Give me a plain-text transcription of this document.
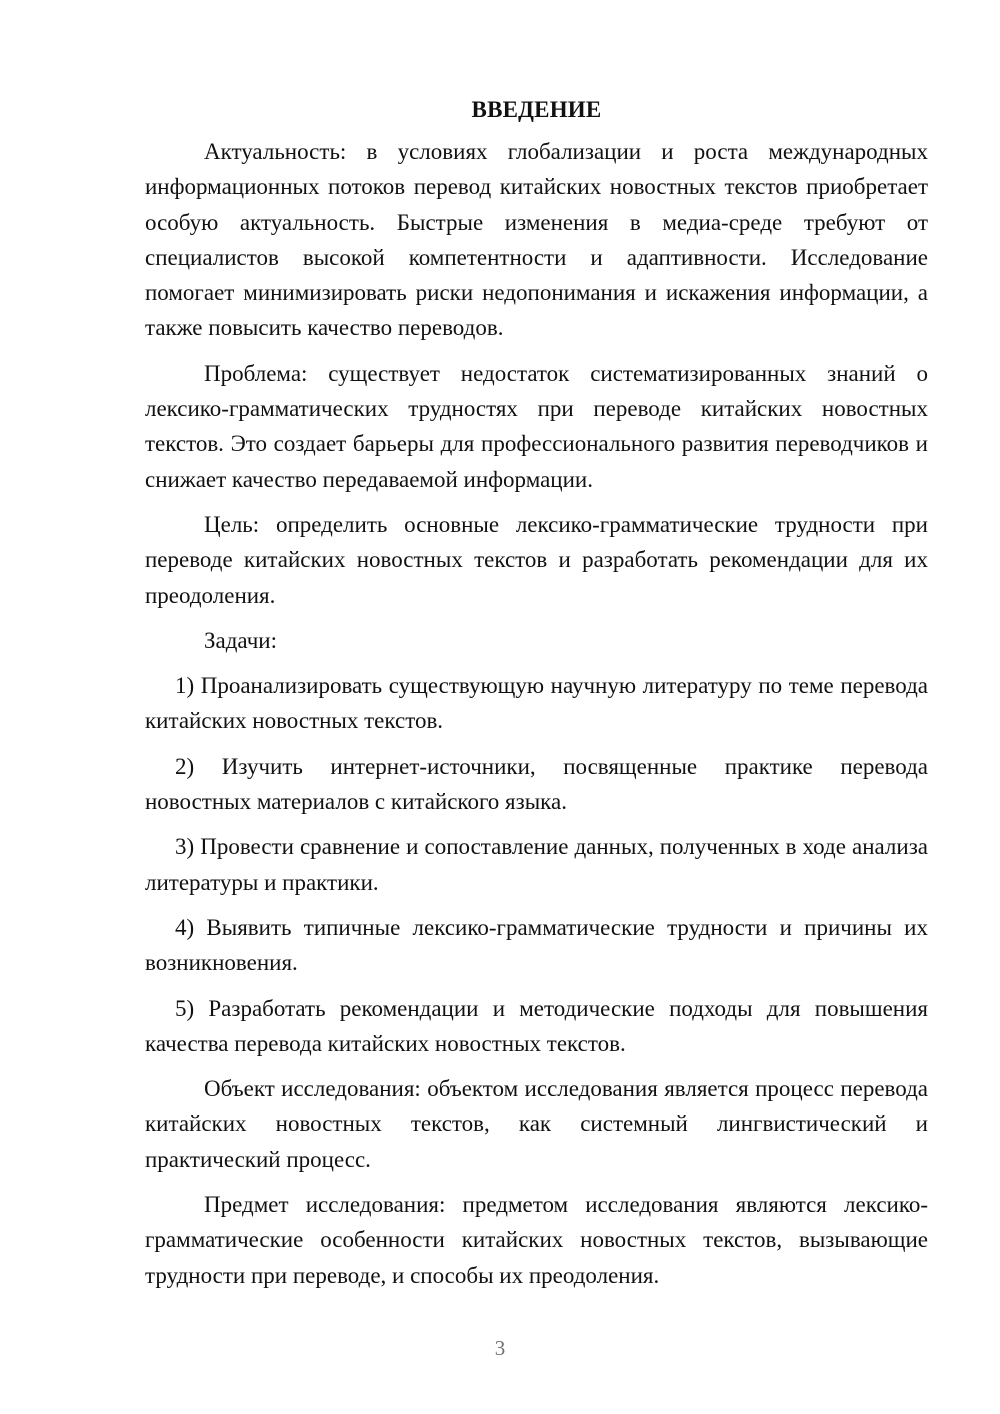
ВВЕДЕНИЕ

Актуальность: в условиях глобализации и роста международных информационных потоков перевод китайских новостных текстов приобретает особую актуальность. Быстрые изменения в медиа-среде требуют от специалистов высокой компетентности и адаптивности. Исследование помогает минимизировать риски недопонимания и искажения информации, а также повысить качество переводов.

Проблема: существует недостаток систематизированных знаний о лексико-грамматических трудностях при переводе китайских новостных текстов. Это создает барьеры для профессионального развития переводчиков и снижает качество передаваемой информации.

Цель: определить основные лексико-грамматические трудности при переводе китайских новостных текстов и разработать рекомендации для их преодоления.

Задачи:

1) Проанализировать существующую научную литературу по теме перевода китайских новостных текстов.

2) Изучить интернет-источники, посвященные практике перевода новостных материалов с китайского языка.

3) Провести сравнение и сопоставление данных, полученных в ходе анализа литературы и практики.

4) Выявить типичные лексико-грамматические трудности и причины их возникновения.

5) Разработать рекомендации и методические подходы для повышения качества перевода китайских новостных текстов.

Объект исследования: объектом исследования является процесс перевода китайских новостных текстов, как системный лингвистический и практический процесс.

Предмет исследования: предметом исследования являются лексико-грамматические особенности китайских новостных текстов, вызывающие трудности при переводе, и способы их преодоления.

3
